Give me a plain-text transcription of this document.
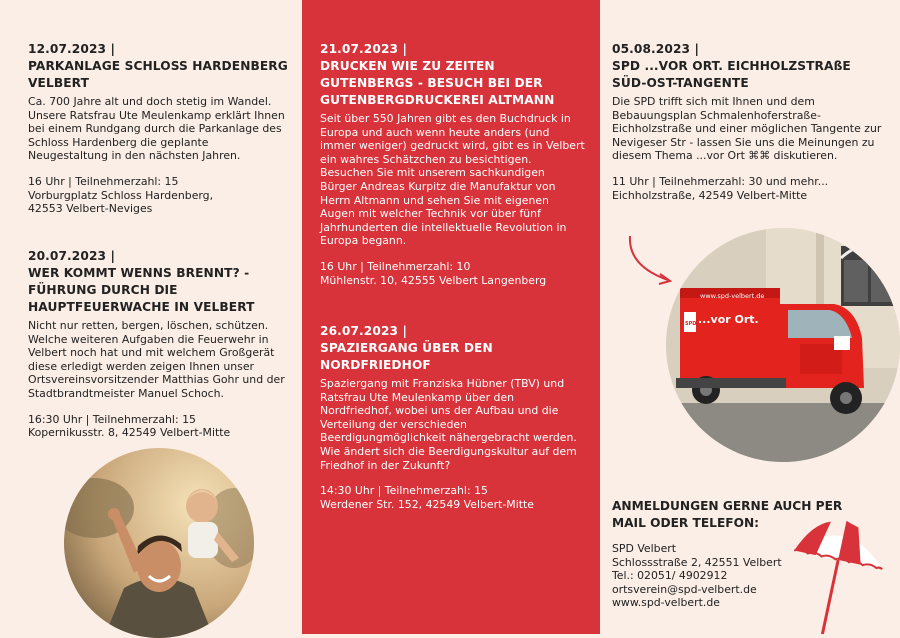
12.07.2023 |

PARKANLAGE SCHLOSS HARDENBERG VELBERT

Ca. 700 Jahre alt und doch stetig im Wandel. Unsere Ratsfrau Ute Meulenkamp erklärt Ihnen bei einem Rundgang durch die Parkanlage des Schloss Hardenberg die geplante Neugestaltung in den nächsten Jahren.

16 Uhr | Teilnehmerzahl: 15
Vorburgplatz Schloss Hardenberg,
42553 Velbert-Neviges

20.07.2023 |

WER KOMMT WENNS BRENNT? - FÜHRUNG DURCH DIE HAUPTFEUERWACHE IN VELBERT

Nicht nur retten, bergen, löschen, schützen. Welche weiteren Aufgaben die Feuerwehr in Velbert noch hat und mit welchem Großgerät diese erledigt werden zeigen Ihnen unser Ortsvereinsvorsitzender Matthias Gohr und der Stadtbrandtmeister Manuel Schoch.

16:30 Uhr | Teilnehmerzahl: 15
Kopernikusstr. 8, 42549 Velbert-Mitte

21.07.2023 |

DRUCKEN WIE ZU ZEITEN GUTENBERGS - BESUCH BEI DER GUTENBERGDRUCKEREI ALTMANN

Seit über 550 Jahren gibt es den Buchdruck in Europa und auch wenn heute anders (und immer weniger) gedruckt wird, gibt es in Velbert ein wahres Schätzchen zu besichtigen. Besuchen Sie mit unserem sachkundigen Bürger Andreas Kurpitz die Manufaktur von Herrn Altmann und sehen Sie mit eigenen Augen mit welcher Technik vor über fünf Jahrhunderten die intellektuelle Revolution in Europa begann.

16 Uhr | Teilnehmerzahl: 10
Mühlenstr. 10, 42555 Velbert Langenberg

26.07.2023 |

SPAZIERGANG ÜBER DEN NORDFRIEDHOF

Spaziergang mit Franziska Hübner (TBV) und Ratsfrau Ute Meulenkamp über den Nordfriedhof, wobei uns der Aufbau und die Verteilung der verschieden Beerdigungmöglichkeit nähergebracht werden. Wie ändert sich die Beerdigungskultur auf dem Friedhof in der Zukunft?

14:30 Uhr | Teilnehmerzahl: 15
Werdener Str. 152, 42549 Velbert-Mitte

05.08.2023 |

SPD ...VOR ORT. EICHHOLZSTRAßE SÜD-OST-TANGENTE

Die SPD trifft sich mit Ihnen und dem Bebauungsplan Schmalenhoferstraße-Eichholzstraße und einer möglichen Tangente zur Nevigeser Str - lassen Sie uns die Meinungen zu diesem Thema ...vor Ort ⌘⌘ diskutieren.

11 Uhr | Teilnehmerzahl: 30 und mehr...
Eichholzstraße, 42549 Velbert-Mitte
www.spd-velbert.de
...vor Ort.
SPD

ANMELDUNGEN GERNE AUCH PER MAIL ODER TELEFON:

SPD Velbert
Schlossstraße 2, 42551 Velbert
Tel.: 02051/ 4902912
ortsverein@spd-velbert.de
www.spd-velbert.de
